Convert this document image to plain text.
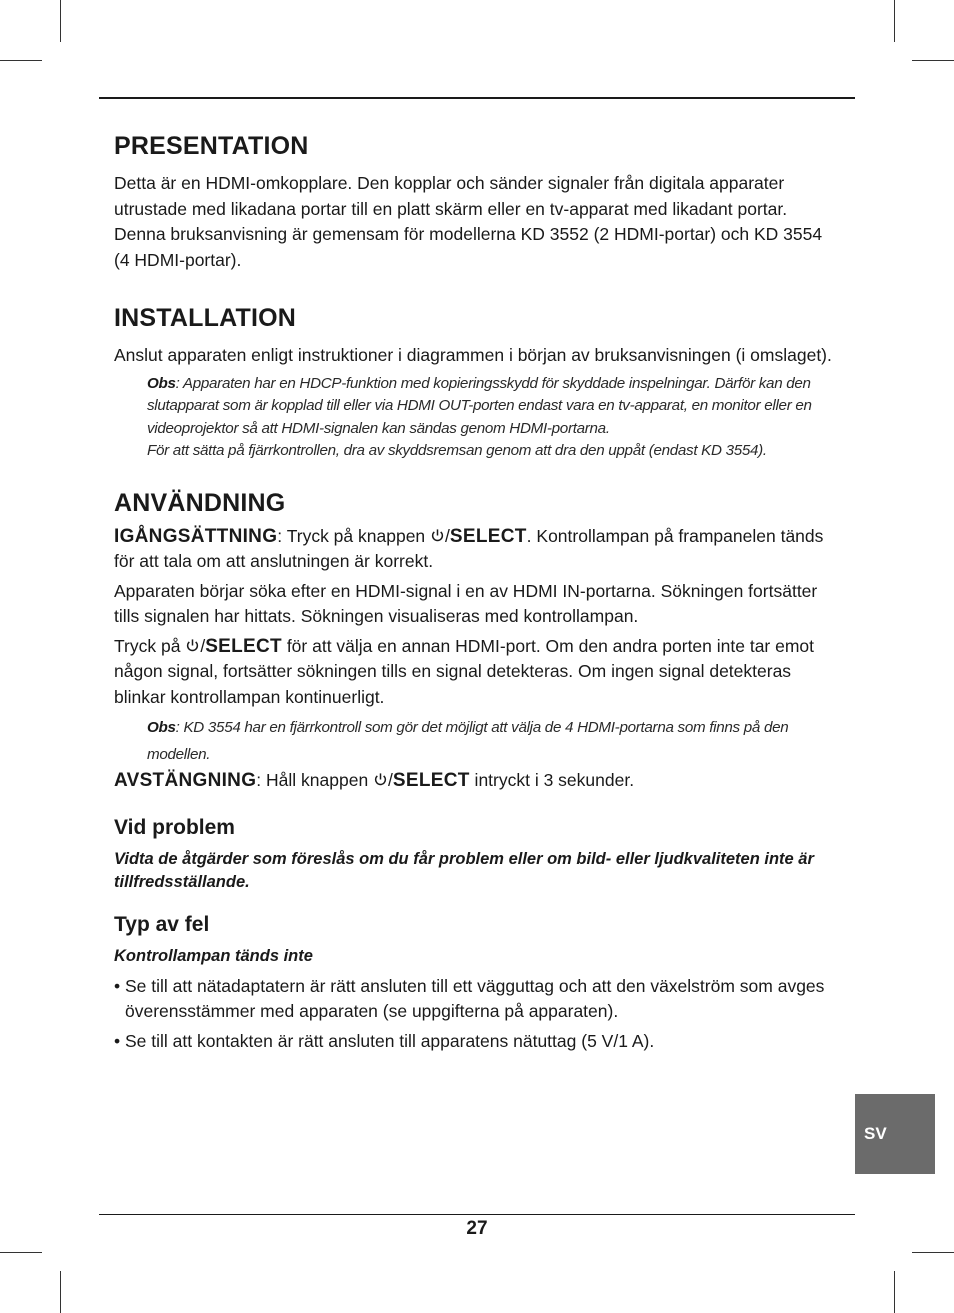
PRESENTATION

Detta är en HDMI-omkopplare. Den kopplar och sänder signaler från digitala apparater utrustade med likadana portar till en platt skärm eller en tv-apparat med likadant portar. Denna bruksanvisning är gemensam för modellerna KD 3552 (2 HDMI-portar) och KD 3554 (4 HDMI-portar).

INSTALLATION

Anslut apparaten enligt instruktioner i diagrammen i början av bruksanvisningen (i omslaget).

Obs: Apparaten har en HDCP-funktion med kopieringsskydd för skyddade inspelningar. Därför kan den slutapparat som är kopplad till eller via HDMI OUT-porten endast vara en tv-apparat, en monitor eller en videoprojektor så att HDMI-signalen kan sändas genom HDMI-portarna.
För att sätta på fjärrkontrollen, dra av skyddsremsan genom att dra den uppåt (endast KD 3554).
ANVÄNDNING

IGÅNGSÄTTNING: Tryck på knappen /SELECT. Kontrollampan på frampanelen tänds för att tala om att anslutningen är korrekt.

Apparaten börjar söka efter en HDMI-signal i en av HDMI IN-portarna. Sökningen fortsätter tills signalen har hittats. Sökningen visualiseras med kontrollampan.

Tryck på /SELECT för att välja en annan HDMI-port. Om den andra porten inte tar emot någon signal, fortsätter sökningen tills en signal detekteras. Om ingen signal detekteras blinkar kontrollampan kontinuerligt.

Obs: KD 3554 har en fjärrkontroll som gör det möjligt att välja de 4 HDMI-portarna som finns på den modellen.

AVSTÄNGNING: Håll knappen /SELECT intryckt i 3 sekunder.

Vid problem

Vidta de åtgärder som föreslås om du får problem eller om bild- eller ljudkvaliteten inte är tillfredsställande.

Typ av fel

Kontrollampan tänds inte

• Se till att nätadaptatern är rätt ansluten till ett vägguttag och att den växelström som avges överensstämmer med apparaten (se uppgifterna på apparaten).
• Se till att kontakten är rätt ansluten till apparatens nätuttag (5 V/1 A).
SV
27
